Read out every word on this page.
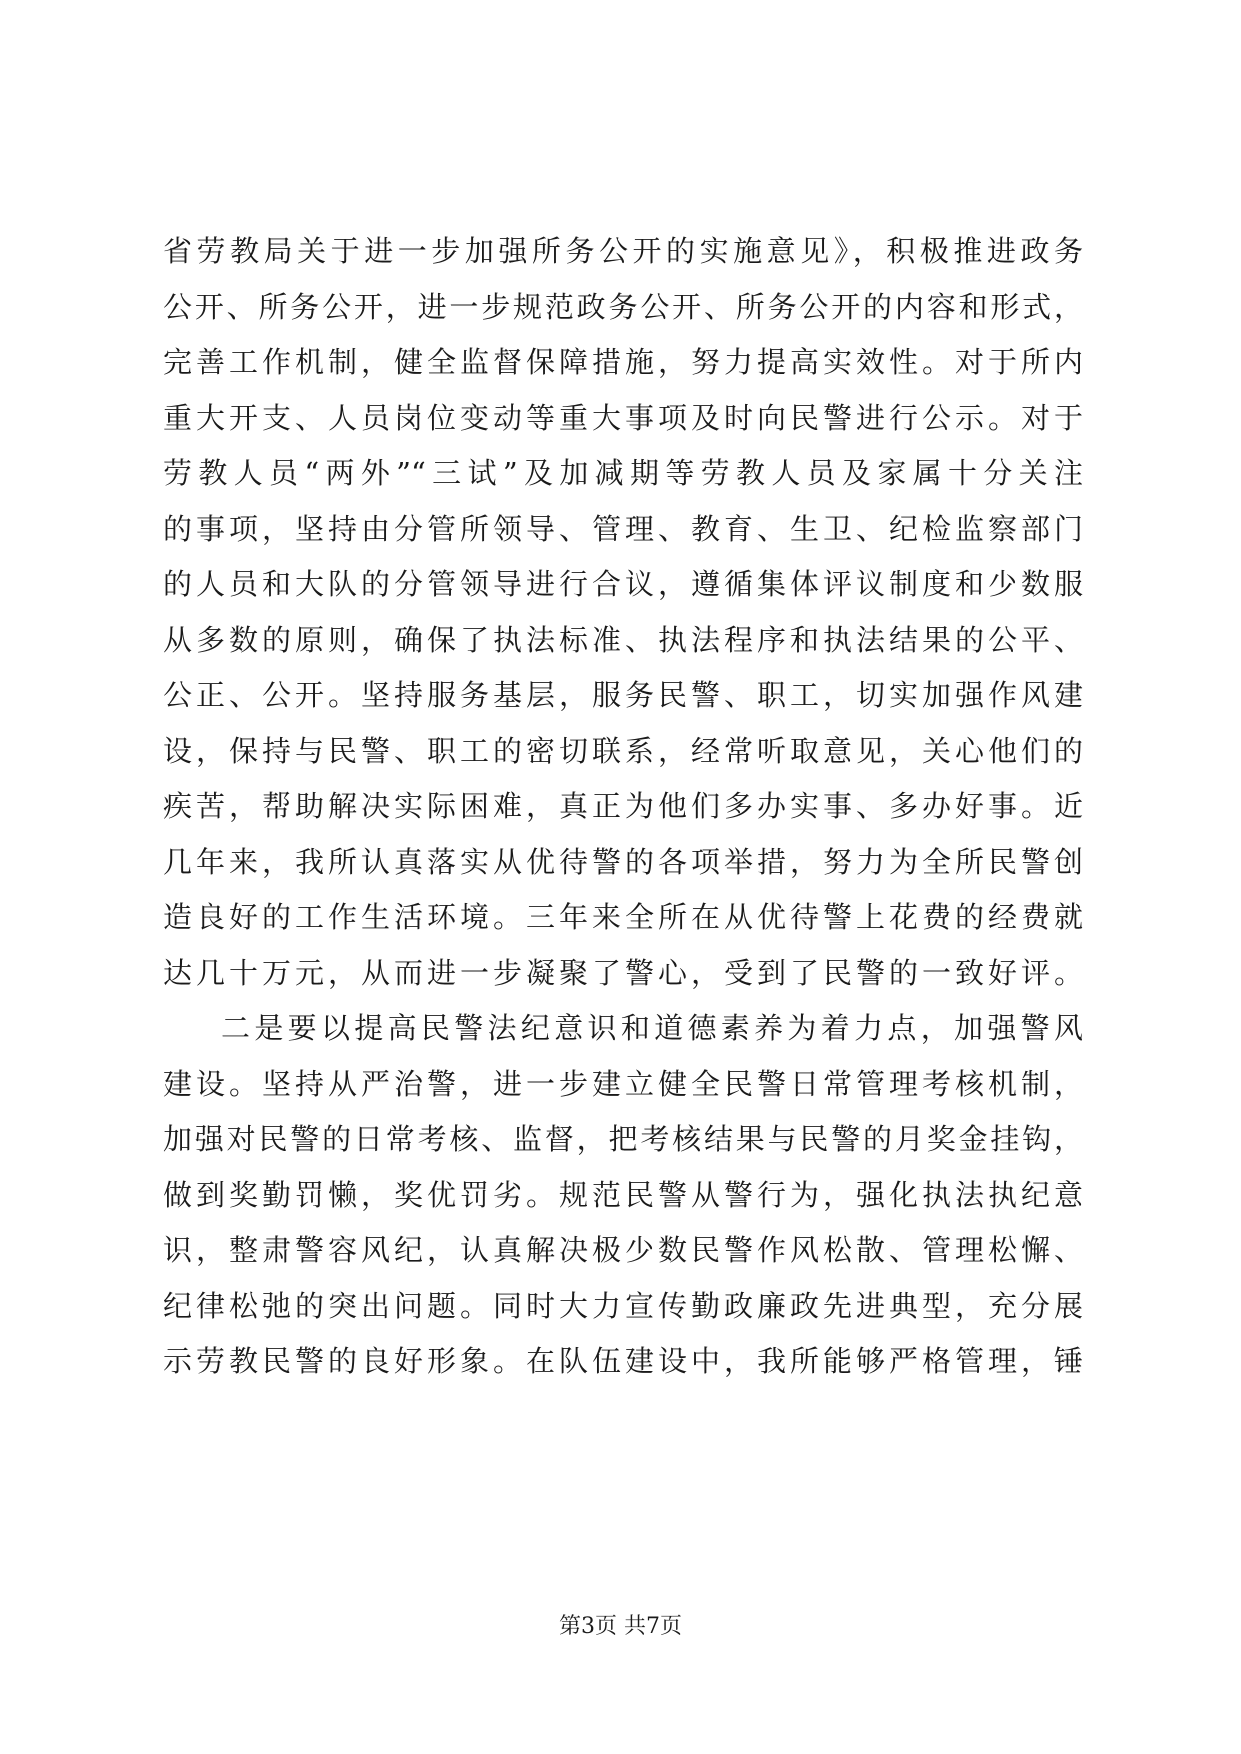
省劳教局关于进一步加强所务公开的实施意见》，积极推进政务
公开、所务公开，进一步规范政务公开、所务公开的内容和形式，
完善工作机制，健全监督保障措施，努力提高实效性。对于所内
重大开支、人员岗位变动等重大事项及时向民警进行公示。对于
劳教人员“两外”“三试”及加减期等劳教人员及家属十分关注
的事项，坚持由分管所领导、管理、教育、生卫、纪检监察部门
的人员和大队的分管领导进行合议，遵循集体评议制度和少数服
从多数的原则，确保了执法标准、执法程序和执法结果的公平、
公正、公开。坚持服务基层，服务民警、职工，切实加强作风建
设，保持与民警、职工的密切联系，经常听取意见，关心他们的
疾苦，帮助解决实际困难，真正为他们多办实事、多办好事。近
几年来，我所认真落实从优待警的各项举措，努力为全所民警创
造良好的工作生活环境。三年来全所在从优待警上花费的经费就
达几十万元，从而进一步凝聚了警心，受到了民警的一致好评。
二是要以提高民警法纪意识和道德素养为着力点，加强警风
建设。坚持从严治警，进一步建立健全民警日常管理考核机制，
加强对民警的日常考核、监督，把考核结果与民警的月奖金挂钩，
做到奖勤罚懒，奖优罚劣。规范民警从警行为，强化执法执纪意
识，整肃警容风纪，认真解决极少数民警作风松散、管理松懈、
纪律松弛的突出问题。同时大力宣传勤政廉政先进典型，充分展
示劳教民警的良好形象。在队伍建设中，我所能够严格管理，锤
第3页 共7页
